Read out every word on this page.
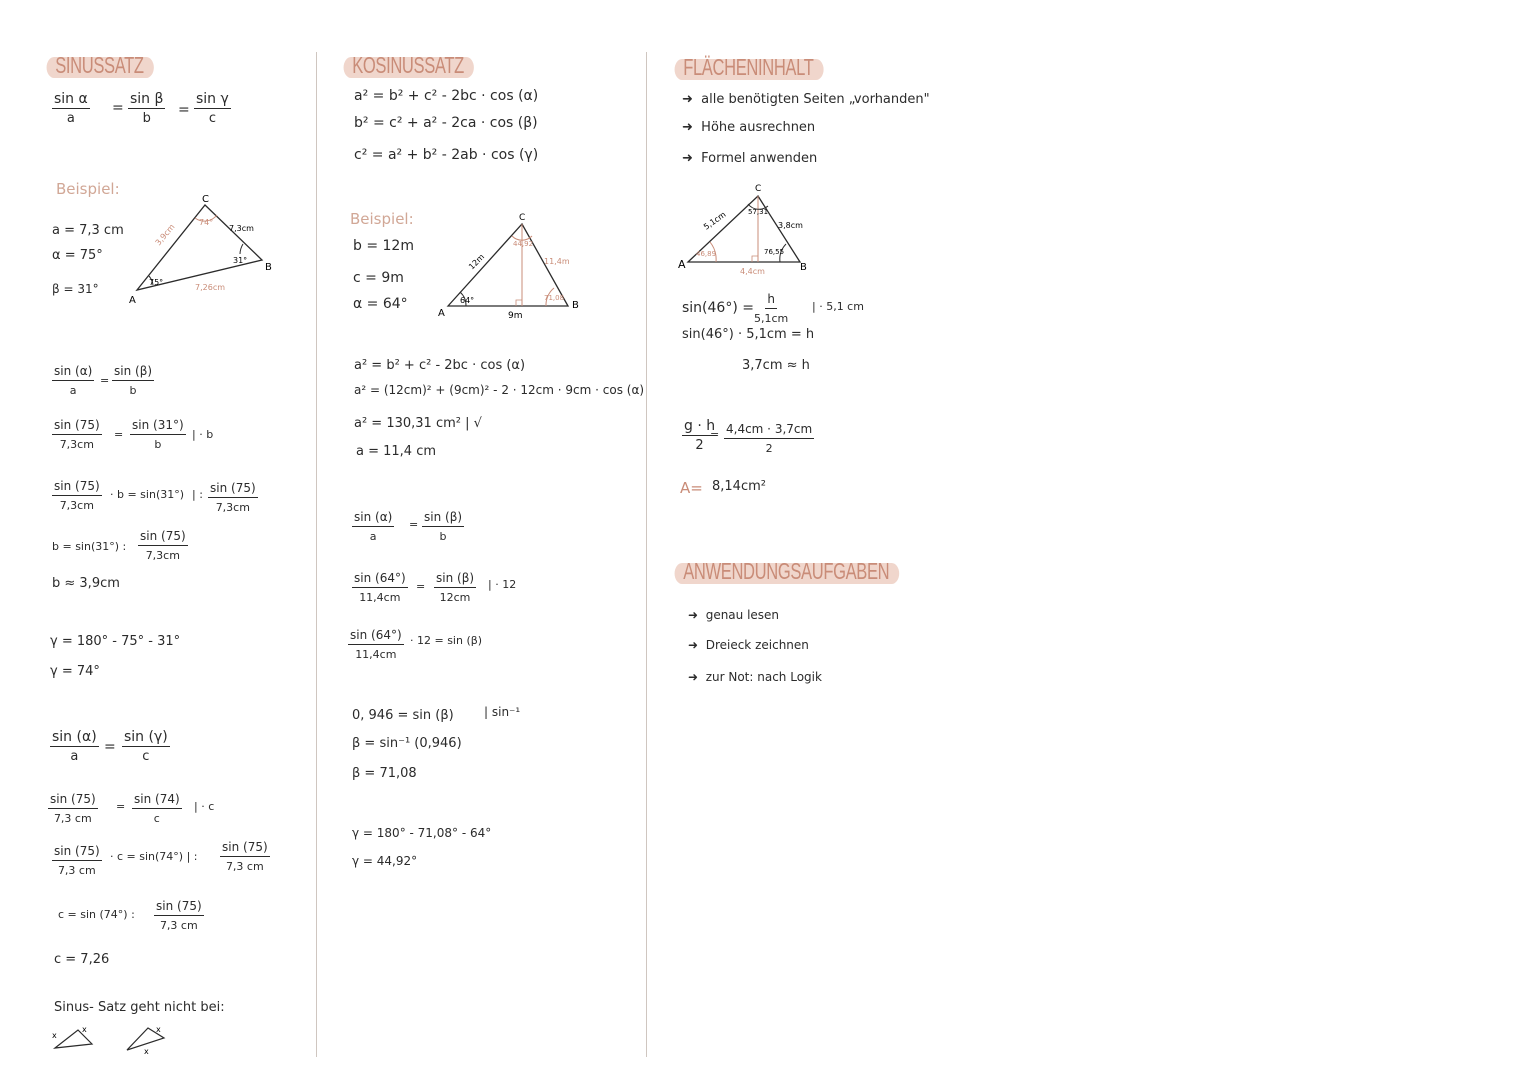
SINUSSATZ
$\frac{\text{sin α}}{a} = \frac{\text{sin β}}{b} = \frac{\text{sin γ}}{c}$
Beispiel:
a = 7,3 cm
α = 75°
β = 31°
A
B
C
3,9cm	7,3cm
7,26cm
75°
31°
74°
$\frac{\sin (\alpha)}{a} = \frac{\sin (\beta)}{b}$
$\frac{\sin (75)}{7,3cm} = \frac{\sin (31^\circ)}{b}$ | · b
$\frac{\sin (75)}{7,3cm} \cdot b = \sin(31^\circ)$ | : $\frac{\sin (75)}{7,3cm}$
b = sin(31°) : $\frac{\sin (75)}{7,3cm}$
b ≈ 3,9cm
γ = 180° - 75° - 31°
γ = 74°
$\frac{\sin (\alpha)}{a} = \frac{\sin (\gamma)}{c}$
$\frac{\sin (75)}{7,3 cm} = \frac{\sin (74)}{c}$ | · c
$\frac{\sin (75)}{7,3 cm} \cdot c = \sin(74^\circ)$ | : $\frac{\sin (75)}{7,3 cm}$
c = sin (74°) : $\frac{\sin (75)}{7,3 cm}$
c = 7,26
Sinus- Satz geht nicht bei:
x
x	x
x
KOSINUSSATZ
a² = b² + c² - 2bc · cos (α)
b² = c² + a² - 2ca · cos (β)
c² = a² + b² - 2ab · cos (γ)
Beispiel:
b = 12m
c = 9m
α = 64°
A
B
C
12m	11,4m
9m
64°	71,08
44,92
a² = b² + c² - 2bc · cos (α)
a² = (12cm)² + (9cm)² - 2 · 12cm · 9cm · cos (α)
a² = 130,31 cm² | √
a = 11,4 cm
$\frac{\sin (\alpha)}{a} = \frac{\sin (\beta)}{b}$
$\frac{\sin (64^\circ)}{11,4cm} = \frac{\sin (\beta)}{12cm}$ | · 12
$\frac{\sin (64^\circ)}{11,4cm} \cdot 12 = \sin (\beta)$
0, 946 = sin (β)	| sin⁻¹
β = sin⁻¹ (0,946)
β = 71,08
γ = 180° - 71,08° - 64°
γ = 44,92°
FLÄCHENINHALT
➜ alle benötigten Seiten „vorhanden"
➜ Höhe ausrechnen
➜ Formel anwenden
A	B
C
5,1cm	3,8cm
4,4cm
46,89	76,55
57,31
$\sin(46^\circ) = \frac{h}{5,1cm}$ | · 5,1 cm
sin(46°) · 5,1cm = h
3,7cm ≈ h
$\frac{g \cdot h}{2}$
= $\frac{4,4cm \cdot 3,7cm}{2}$
A= 8,14cm²
ANWENDUNGSAUFGABEN
➜ genau lesen
➜ Dreieck zeichnen
➜ zur Not: nach Logik
